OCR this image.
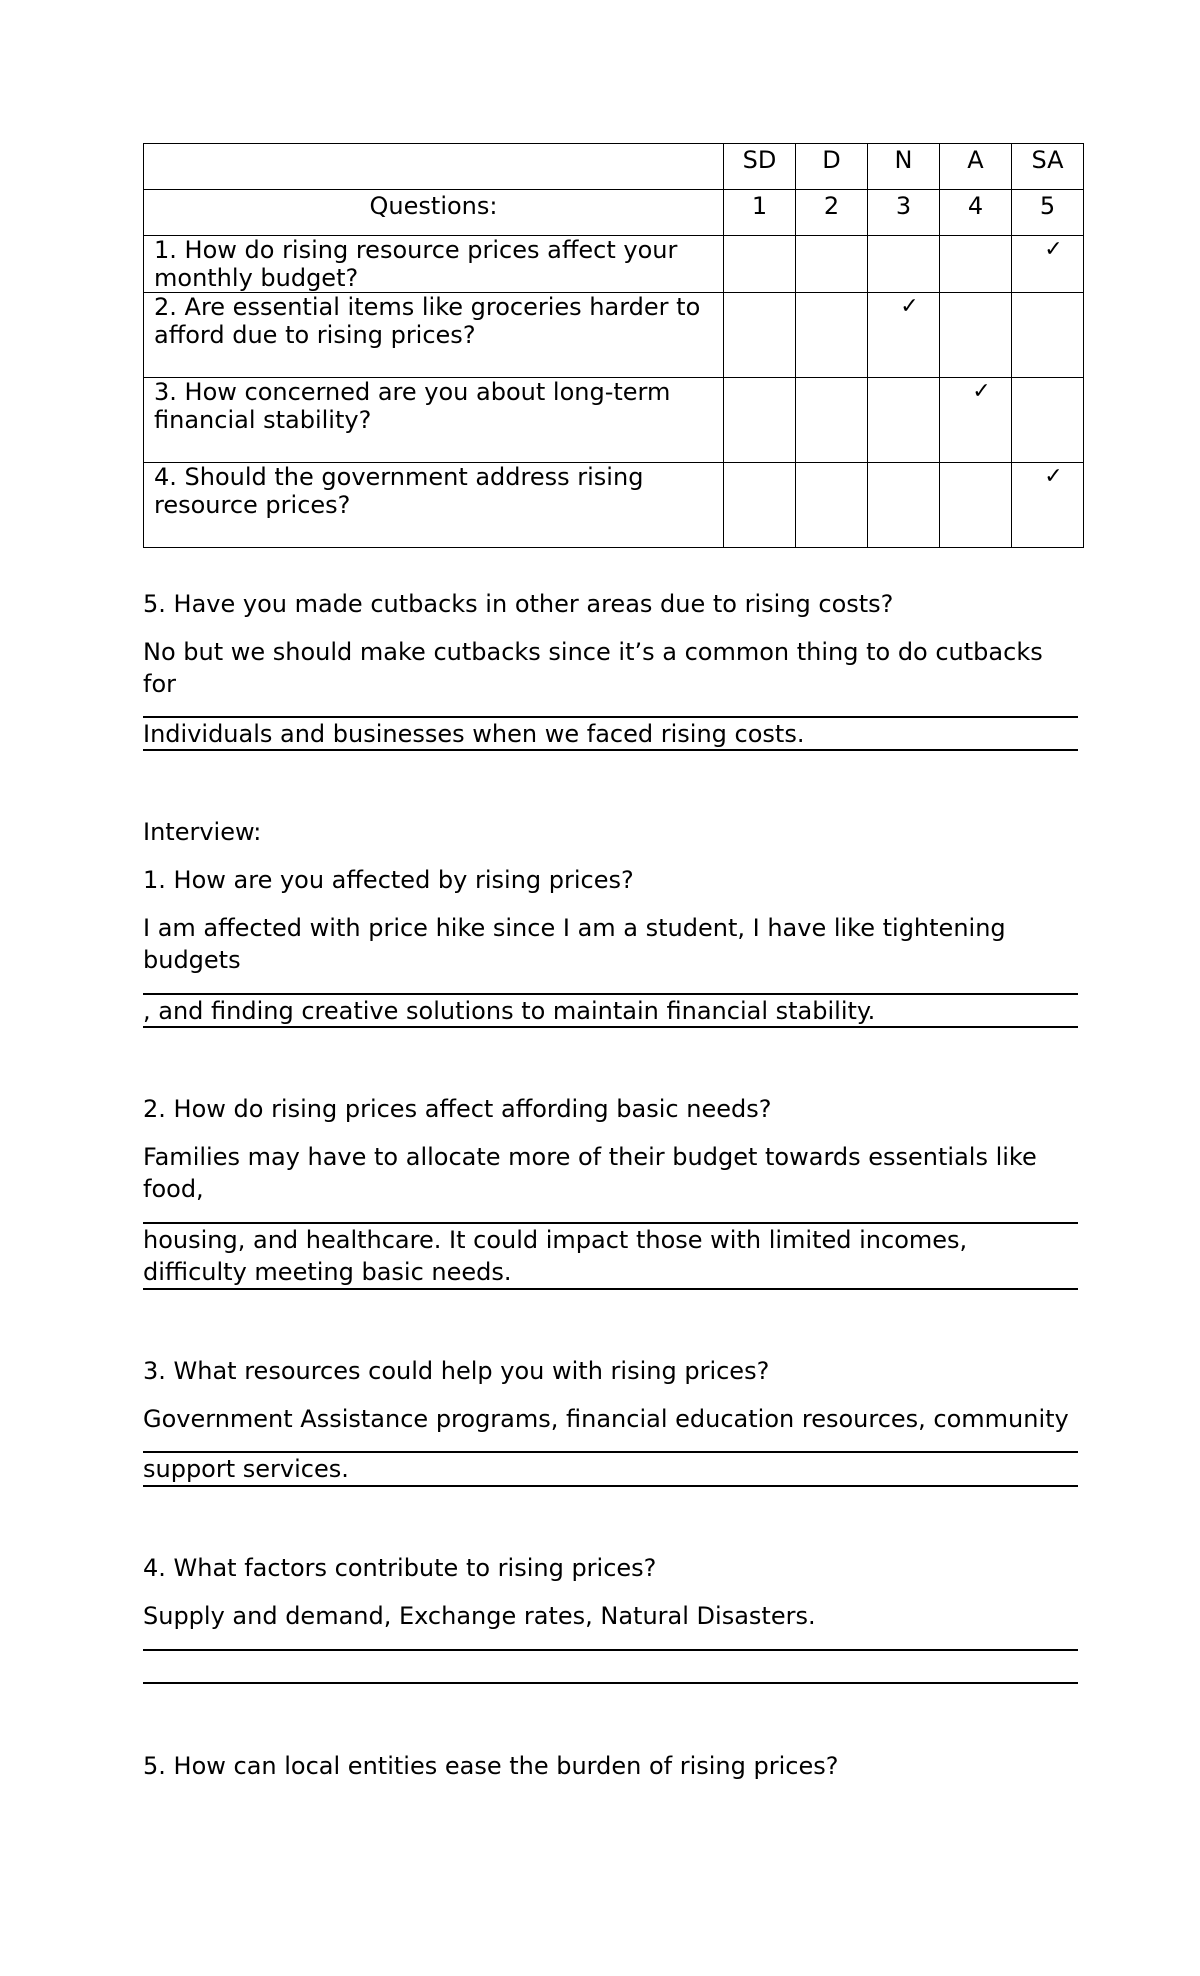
	SD	D	N	A	SA
Questions:	1	2	3	4	5

1. How do rising resource prices affect your
monthly budget?					✓

2. Are essential items like groceries harder to
afford due to rising prices?			✓		

3. How concerned are you about long-term
financial stability?				✓	

4. Should the government address rising
resource prices?					✓
5. Have you made cutbacks in other areas due to rising costs?
No but we should make cutbacks since it’s a common thing to do cutbacks
for
Individuals and businesses when we faced rising costs.
Interview:
1. How are you affected by rising prices?
I am affected with price hike since I am a student, I have like tightening
budgets
, and finding creative solutions to maintain financial stability.
2. How do rising prices affect affording basic needs?
Families may have to allocate more of their budget towards essentials like
food,
housing, and healthcare. It could impact those with limited incomes,
difficulty meeting basic needs.
3. What resources could help you with rising prices?
Government Assistance programs, financial education resources, community
support services.
4. What factors contribute to rising prices?
Supply and demand, Exchange rates, Natural Disasters.
5. How can local entities ease the burden of rising prices?
